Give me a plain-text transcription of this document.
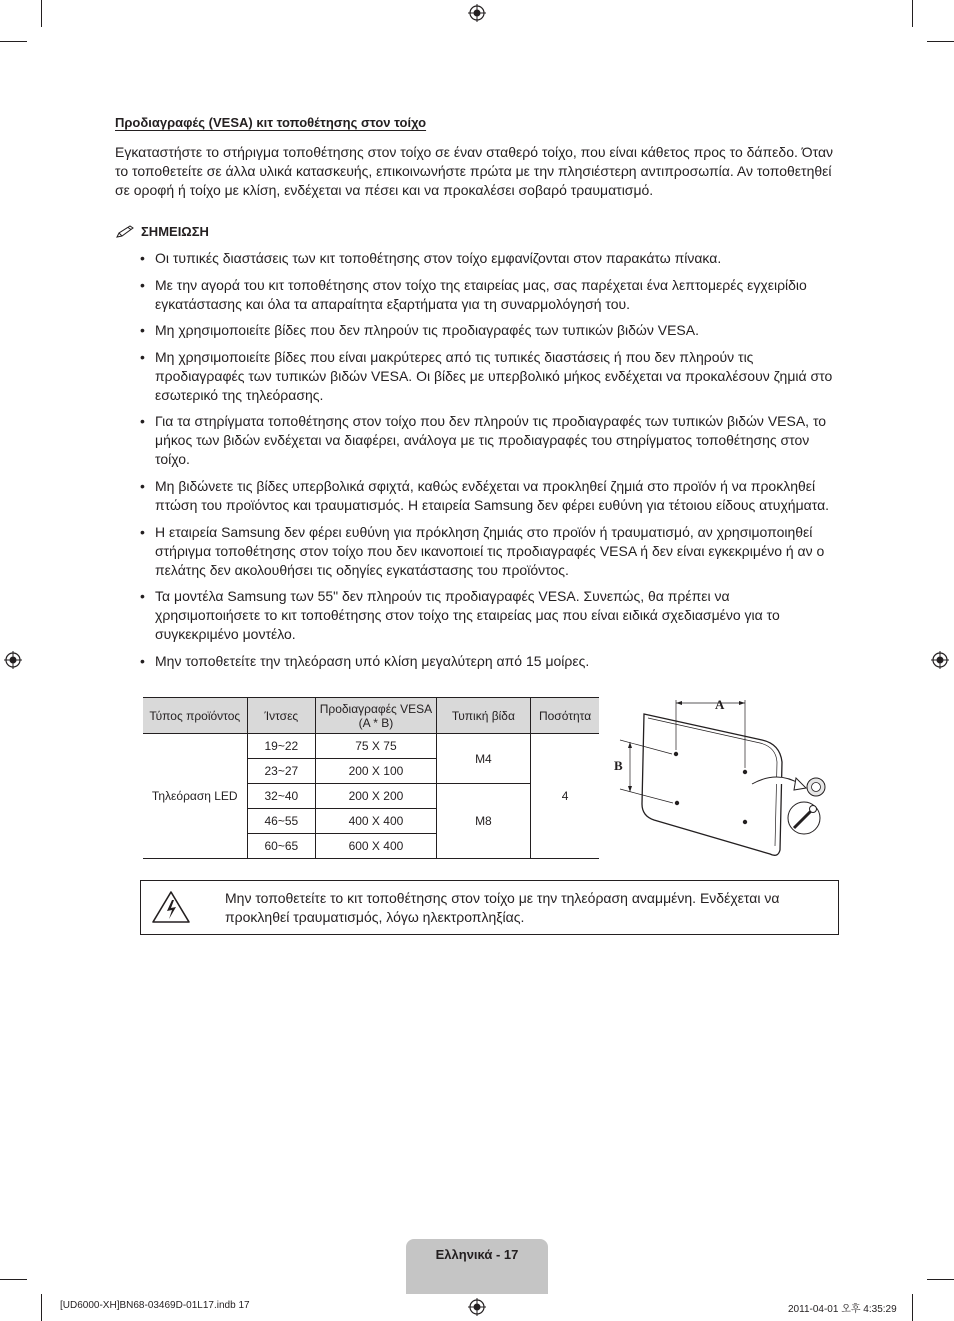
Προδιαγραφές (VESA) κιτ τοποθέτησης στον τοίχο

Εγκαταστήστε το στήριγμα τοποθέτησης στον τοίχο σε έναν σταθερό τοίχο, που είναι κάθετος προς το δάπεδο. Όταν το τοποθετείτε σε άλλα υλικά κατασκευής, επικοινωνήστε πρώτα με την πλησιέστερη αντιπροσωπία. Αν τοποθετηθεί σε οροφή ή τοίχο με κλίση, ενδέχεται να πέσει και να προκαλέσει σοβαρό τραυματισμό.

ΣΗΜΕΙΩΣΗ
• Οι τυπικές διαστάσεις των κιτ τοποθέτησης στον τοίχο εμφανίζονται στον παρακάτω πίνακα.
• Με την αγορά του κιτ τοποθέτησης στον τοίχο της εταιρείας μας, σας παρέχεται ένα λεπτομερές εγχειρίδιο εγκατάστασης και όλα τα απαραίτητα εξαρτήματα για τη συναρμολόγησή του.
• Μη χρησιμοποιείτε βίδες που δεν πληρούν τις προδιαγραφές των τυπικών βιδών VESA.
• Μη χρησιμοποιείτε βίδες που είναι μακρύτερες από τις τυπικές διαστάσεις ή που δεν πληρούν τις προδιαγραφές των τυπικών βιδών VESA. Οι βίδες με υπερβολικό μήκος ενδέχεται να προκαλέσουν ζημιά στο εσωτερικό της τηλεόρασης.
• Για τα στηρίγματα τοποθέτησης στον τοίχο που δεν πληρούν τις προδιαγραφές των τυπικών βιδών VESA, το μήκος των βιδών ενδέχεται να διαφέρει, ανάλογα με τις προδιαγραφές του στηρίγματος τοποθέτησης στον τοίχο.
• Μη βιδώνετε τις βίδες υπερβολικά σφιχτά, καθώς ενδέχεται να προκληθεί ζημιά στο προϊόν ή να προκληθεί πτώση του προϊόντος και τραυματισμός. Η εταιρεία Samsung δεν φέρει ευθύνη για τέτοιου είδους ατυχήματα.
• Η εταιρεία Samsung δεν φέρει ευθύνη για πρόκληση ζημιάς στο προϊόν ή τραυματισμό, αν χρησιμοποιηθεί στήριγμα τοποθέτησης στον τοίχο που δεν ικανοποιεί τις προδιαγραφές VESA ή δεν είναι εγκεκριμένο ή αν ο πελάτης δεν ακολουθήσει τις οδηγίες εγκατάστασης του προϊόντος.
• Τα μοντέλα Samsung των 55" δεν πληρούν τις προδιαγραφές VESA. Συνεπώς, θα πρέπει να χρησιμοποιήσετε το κιτ τοποθέτησης στον τοίχο της εταιρείας μας που είναι ειδικά σχεδιασμένο για το συγκεκριμένο μοντέλο.
• Μην τοποθετείτε την τηλεόραση υπό κλίση μεγαλύτερη από 15 μοίρες.
Τύπος προϊόντος	Ίντσες	Προδιαγραφές VESA (A * B)	Τυπική βίδα	Ποσότητα
Τηλεόραση LED	19~22	75 X 75	M4	4
	23~27	200 X 100		
	32~40	200 X 200	M8	
	46~55	400 X 400		
	60~65	600 X 400		
A
B

Μην τοποθετείτε το κιτ τοποθέτησης στον τοίχο με την τηλεόραση αναμμένη. Ενδέχεται να προκληθεί τραυματισμός, λόγω ηλεκτροπληξίας.

Ελληνικά - 17
[UD6000-XH]BN68-03469D-01L17.indb 17	2011-04-01 오후 4:35:29
